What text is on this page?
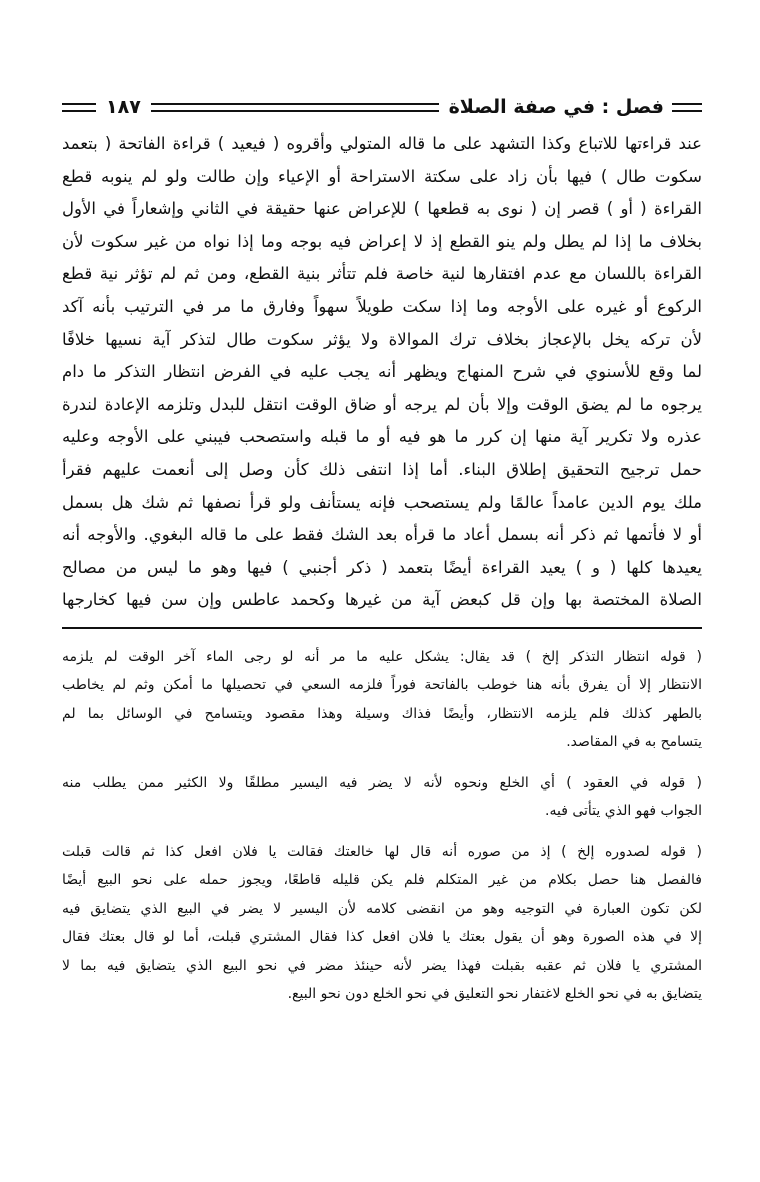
فصل : في صفة الصلاة
١٨٧
عند قراءتها للاتباع وكذا التشهد على ما قاله المتولي وأقروه ( فيعيد ) قراءة الفاتحة ( بتعمد
سكوت طال ) فيها بأن زاد على سكتة الاستراحة أو الإعياء وإن طالت ولو لم ينوبه قطع
القراءة ( أو ) قصر إن ( نوى به قطعها ) للإعراض عنها حقيقة في الثاني وإشعاراً في الأول
بخلاف ما إذا لم يطل ولم ينو القطع إذ لا إعراض فيه بوجه وما إذا نواه من غير سكوت لأن
القراءة باللسان مع عدم افتقارها لنية خاصة فلم تتأثر بنية القطع، ومن ثم لم تؤثر نية قطع
الركوع أو غيره على الأوجه وما إذا سكت طويلاً سهواً وفارق ما مر في الترتيب بأنه آكد
لأن تركه يخل بالإعجاز بخلاف ترك الموالاة ولا يؤثر سكوت طال لتذكر آية نسيها خلافًا
لما وقع للأسنوي في شرح المنهاج ويظهر أنه يجب عليه في الفرض انتظار التذكر ما دام
يرجوه ما لم يضق الوقت وإلا بأن لم يرجه أو ضاق الوقت انتقل للبدل وتلزمه الإعادة لندرة
عذره ولا تكرير آية منها إن كرر ما هو فيه أو ما قبله واستصحب فيبني على الأوجه وعليه
حمل ترجيح التحقيق إطلاق البناء. أما إذا انتفى ذلك كأن وصل إلى أنعمت عليهم فقرأ
ملك يوم الدين عامداً عالمًا ولم يستصحب فإنه يستأنف ولو قرأ نصفها ثم شك هل بسمل
أو لا فأتمها ثم ذكر أنه بسمل أعاد ما قرأه بعد الشك فقط على ما قاله البغوي. والأوجه أنه
يعيدها كلها ( و ) يعيد القراءة أيضًا بتعمد ( ذكر أجنبي ) فيها وهو ما ليس من مصالح
الصلاة المختصة بها وإن قل كبعض آية من غيرها وكحمد عاطس وإن سن فيها كخارجها
( قوله انتظار التذكر إلخ ) قد يقال: يشكل عليه ما مر أنه لو رجى الماء آخر الوقت لم يلزمه
الانتظار إلا أن يفرق بأنه هنا خوطب بالفاتحة فوراً فلزمه السعي في تحصيلها ما أمكن وثم لم يخاطب
بالطهر كذلك فلم يلزمه الانتظار، وأيضًا فذاك وسيلة وهذا مقصود ويتسامح في الوسائل بما لم
يتسامح به في المقاصد.
( قوله في العقود ) أي الخلع ونحوه لأنه لا يضر فيه اليسير مطلقًا ولا الكثير ممن يطلب منه
الجواب فهو الذي يتأتى فيه.
( قوله لصدوره إلخ ) إذ من صوره أنه قال لها خالعتك فقالت يا فلان افعل كذا ثم قالت قبلت
فالفصل هنا حصل بكلام من غير المتكلم فلم يكن قليله قاطعًا، ويجوز حمله على نحو البيع أيضًا
لكن تكون العبارة في التوجيه وهو من انقضى كلامه لأن اليسير لا يضر في البيع الذي يتضايق فيه
إلا في هذه الصورة وهو أن يقول بعتك يا فلان افعل كذا فقال المشتري قبلت، أما لو قال بعتك فقال
المشتري يا فلان ثم عقبه بقبلت فهذا يضر لأنه حينئذ مضر في نحو البيع الذي يتضايق فيه بما لا
يتضايق به في نحو الخلع لاغتفار نحو التعليق في نحو الخلع دون نحو البيع.
